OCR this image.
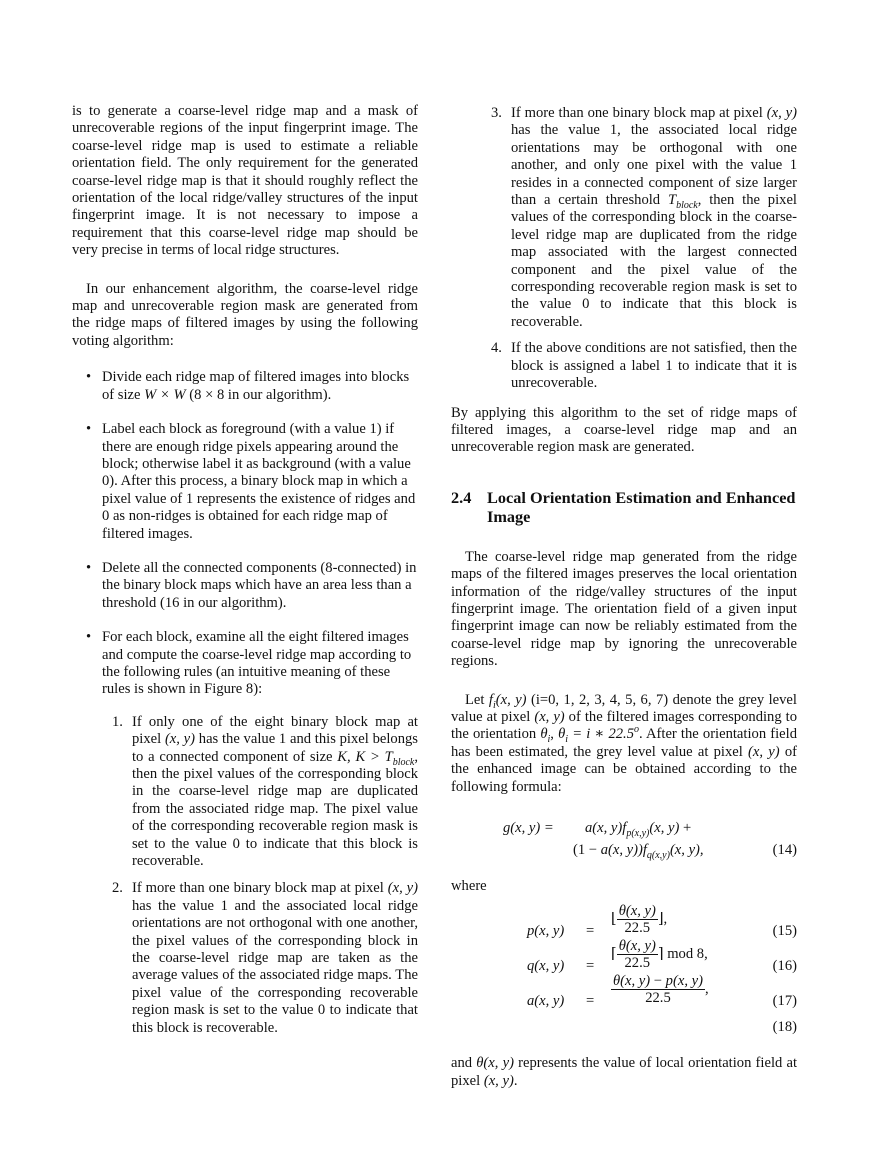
is to generate a coarse-level ridge map and a mask of unrecoverable regions of the input fingerprint image. The coarse-level ridge map is used to estimate a reliable orientation field. The only requirement for the generated coarse-level ridge map is that it should roughly reflect the orientation of the local ridge/valley structures of the input fingerprint image. It is not necessary to impose a requirement that this coarse-level ridge map should be very precise in terms of local ridge structures.

In our enhancement algorithm, the coarse-level ridge map and unrecoverable region mask are generated from the ridge maps of filtered images by using the following voting algorithm:

• Divide each ridge map of filtered images into blocks of size W × W (8 × 8 in our algorithm).
• Label each block as foreground (with a value 1) if there are enough ridge pixels appearing around the block; otherwise label it as background (with a value 0). After this process, a binary block map in which a pixel value of 1 represents the existence of ridges and 0 as non-ridges is obtained for each ridge map of filtered images.
• Delete all the connected components (8-connected) in the binary block maps which have an area less than a threshold (16 in our algorithm).
• For each block, examine all the eight filtered images and compute the coarse-level ridge map according to the following rules (an intuitive meaning of these rules is shown in Figure 8):
1. If only one of the eight binary block map at pixel (x, y) has the value 1 and this pixel belongs to a connected component of size K, $K > T_{block}$, then the pixel values of the corresponding block in the coarse-level ridge map are duplicated from the associated ridge map. The pixel value of the corresponding recoverable region mask is set to the value 0 to indicate that this block is recoverable.

2. If more than one binary block map at pixel (x, y) has the value 1 and the associated local ridge orientations are not orthogonal with one another, the pixel values of the corresponding block in the coarse-level ridge map are taken as the average values of the associated ridge maps. The pixel value of the corresponding recoverable region mask is set to the value 0 to indicate that this block is recoverable.

3. If more than one binary block map at pixel (x, y) has the value 1, the associated local ridge orientations may be orthogonal with one another, and only one pixel with the value 1 resides in a connected component of size larger than a certain threshold $T_{block}$, then the pixel values of the corresponding block in the coarse-level ridge map are duplicated from the ridge map associated with the largest connected component and the pixel value of the corresponding recoverable region mask is set to the value 0 to indicate that this block is recoverable.

4. If the above conditions are not satisfied, then the block is assigned a label 1 to indicate that it is unrecoverable.

By applying this algorithm to the set of ridge maps of filtered images, a coarse-level ridge map and an unrecoverable region mask are generated.

2.4 Local Orientation Estimation and Enhanced Image

The coarse-level ridge map generated from the ridge maps of the filtered images preserves the local orientation information of the ridge/valley structures of the input fingerprint image. The orientation field of a given input fingerprint image can now be reliably estimated from the coarse-level ridge map by ignoring the unrecoverable regions.

Let $f_i(x$, y) (i=0, 1, 2, 3, 4, 5, 6, 7) denote the grey level value at pixel (x, y) of the filtered images corresponding to the orientation $\theta_i$, $\theta_i = i$ ∗ 22.5$^o$. After the orientation field has been estimated, the grey level value at pixel (x, y) of the enhanced image can be obtained according to the following formula:

g(x, y) = a(x, $y)f_{p(x,y)}(x$, y) +
(1 − a(x, $y))f_{q(x,y)}(x$, y),	(14)

where

p(x, y) =
⌊ $\frac{\theta(x, y)}{22.5}$ ⌋,
(15)
q(x, y) =
⌈ $\frac{\theta(x, y)}{22.5}$ ⌉ mod 8,
(16)
a(x, $y) = \frac{\theta(x, y) - p(x, y)}{22.5}$ ,
(17)
(18)

and θ(x, y) represents the value of local orientation field at pixel (x, y).
